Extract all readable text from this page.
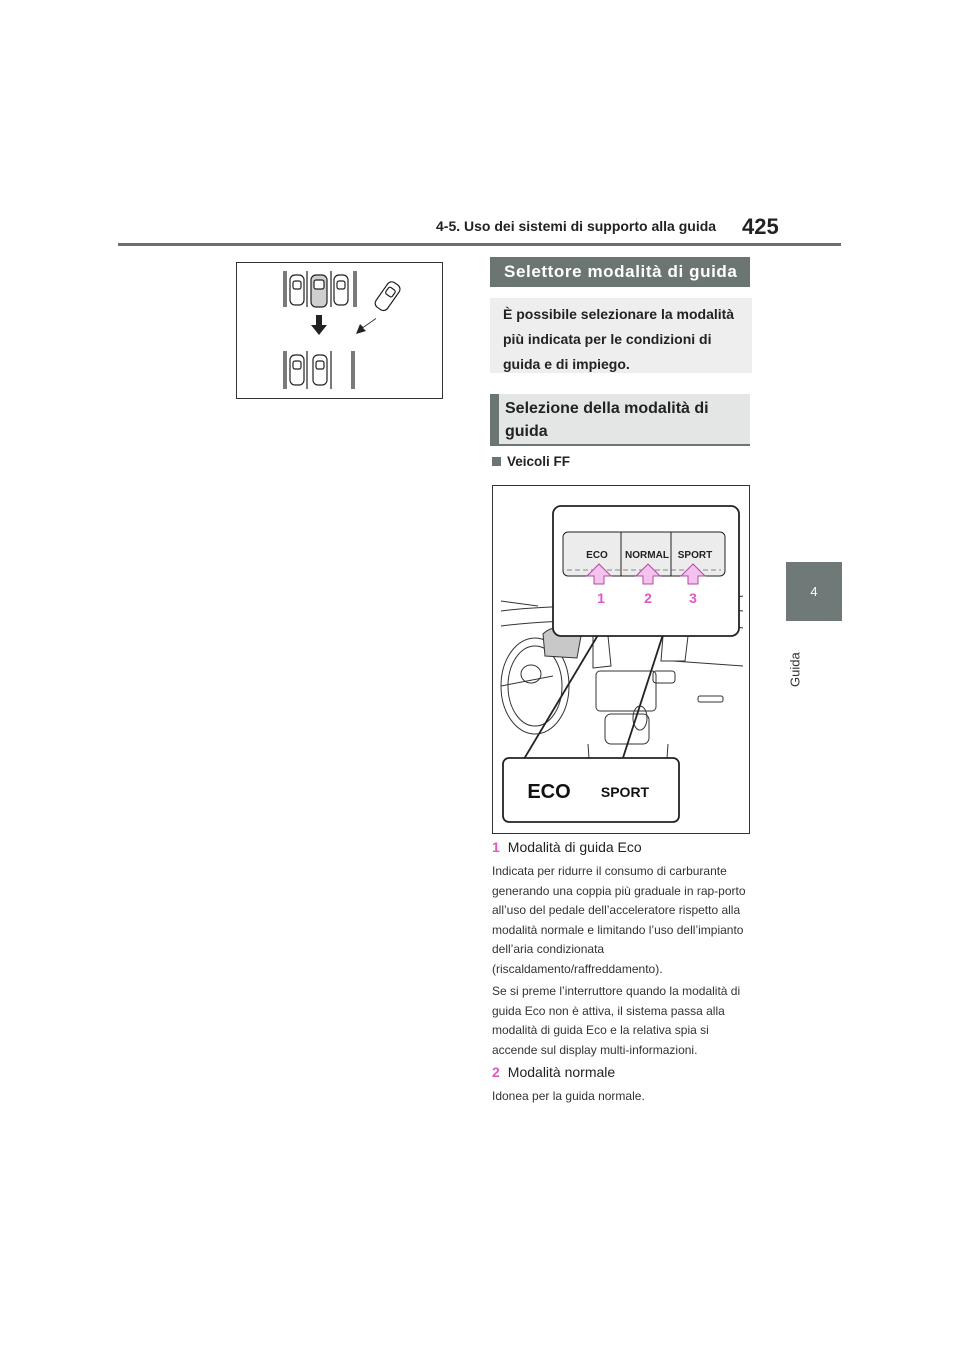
4-5. Uso dei sistemi di supporto alla guida 425
4
Guida
Selettore modalità di guida
È possibile selezionare la modalità più indicata per le condizioni di guida e di impiego.
Selezione della modalità di guida
Veicoli FF
ECO NORMAL SPORT
1	2	3
ECO SPORT
1 Modalità di guida Eco
Indicata per ridurre il consumo di carburante generando una coppia più graduale in rap-porto all’uso del pedale dell’acceleratore rispetto alla modalità normale e limitando l’uso dell’impianto dell’aria condizionata (riscaldamento/raffreddamento).
Se si preme l’interruttore quando la modalità di guida Eco non è attiva, il sistema passa alla modalità di guida Eco e la relativa spia si accende sul display multi-informazioni.
2 Modalità normale
Idonea per la guida normale.
